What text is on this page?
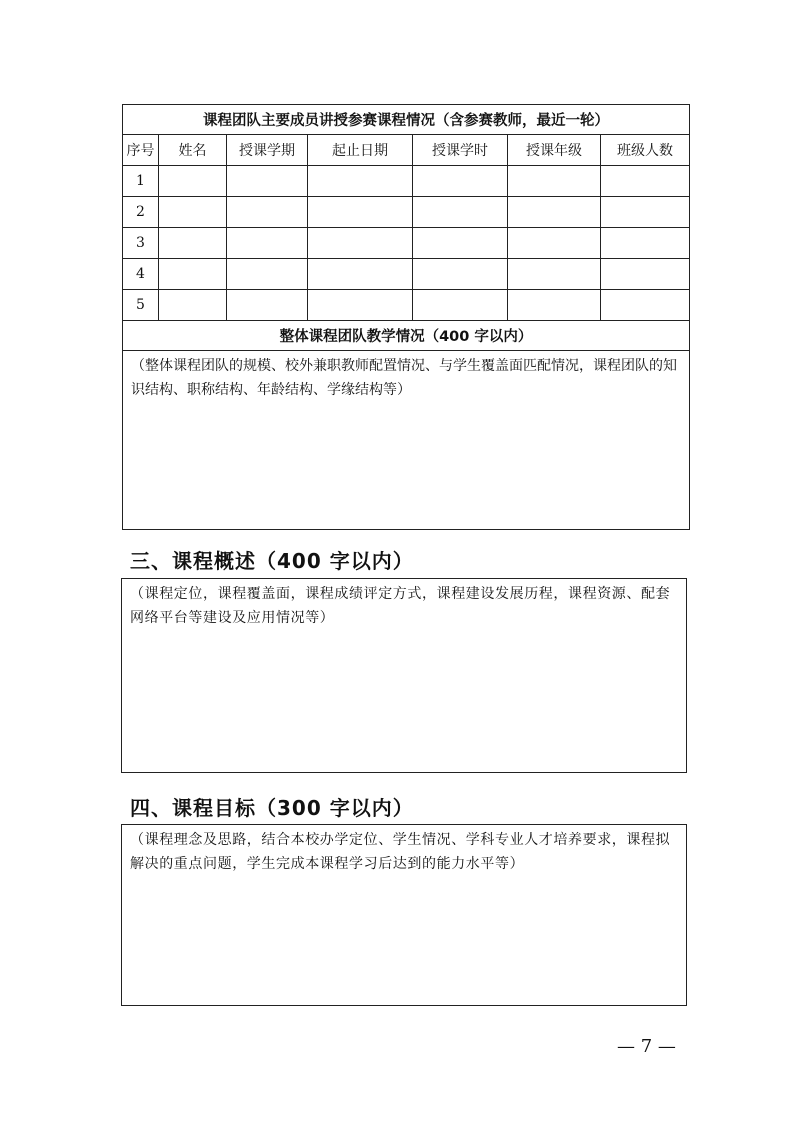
课程团队主要成员讲授参赛课程情况（含参赛教师，最近一轮）						
序号	姓名	授课学期	起止日期	授课学时	授课年级	班级人数
1						
2						
3						
4						
5						
整体课程团队教学情况（400 字以内）						
（整体课程团队的规模、校外兼职教师配置情况、与学生覆盖面匹配情况，课程团队的知识结构、职称结构、年龄结构、学缘结构等）						
三、课程概述（400 字以内）
（课程定位，课程覆盖面，课程成绩评定方式，课程建设发展历程，课程资源、配套网络平台等建设及应用情况等）
四、课程目标（300 字以内）
（课程理念及思路，结合本校办学定位、学生情况、学科专业人才培养要求，课程拟解决的重点问题，学生完成本课程学习后达到的能力水平等）
— 7 —
